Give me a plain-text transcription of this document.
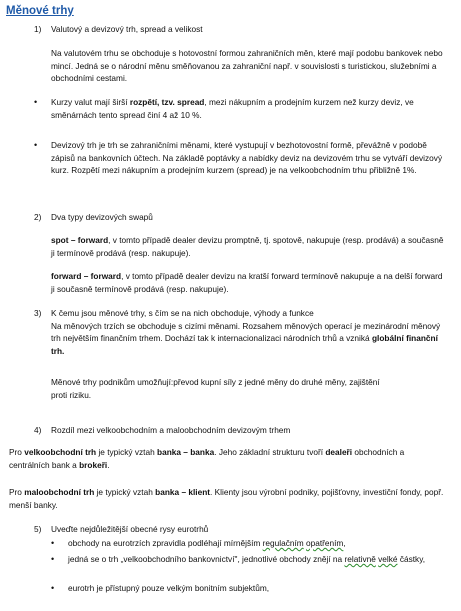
Měnové trhy
1) Valutový a devizový trh, spread a velikost

Na valutovém trhu se obchoduje s hotovostní formou zahraničních měn, které mají podobu bankovek nebo mincí. Jedná se o národní měnu směňovanou za zahraniční např. v souvislosti s turistickou, služebními a obchodními cestami.

• Kurzy valut mají širší rozpětí, tzv. spread, mezi nákupním a prodejním kurzem než kurzy deviz, ve směnárnách tento spread činí 4 až 10 %.

• Devizový trh je trh se zahraničními měnami, které vystupují v bezhotovostní formě, převážně v podobě zápisů na bankovních účtech. Na základě poptávky a nabídky deviz na devizovém trhu se vytváří devizový kurz. Rozpětí mezi nákupním a prodejním kurzem (spread) je na velkoobchodním trhu přibližně 1%.

2) Dva typy devizových swapů

spot – forward, v tomto případě dealer devizu promptně, tj. spotově, nakupuje (resp. prodává) a současně ji termínově prodává (resp. nakupuje).

forward – forward, v tomto případě dealer devizu na kratší forward termínově nakupuje a na delší forward ji současně termínově prodává (resp. nakupuje).

3) K čemu jsou měnové trhy, s čím se na nich obchoduje, výhody a funkce

Na měnových trzích se obchoduje s cizími měnami. Rozsahem měnových operací je mezinárodní měnový trh největším finančním trhem. Dochází tak k internacionalizaci národních trhů a vzniká globální finanční trh.

Měnové trhy podnikům umožňují:převod kupní síly z jedné měny do druhé měny, zajištění proti riziku.

4) Rozdíl mezi velkoobchodním a maloobchodním devizovým trhem

Pro velkoobchodní trh je typický vztah banka – banka. Jeho základní strukturu tvoří dealeři obchodních a centrálních bank a brokeři.

Pro maloobchodní trh je typický vztah banka – klient. Klienty jsou výrobní podniky, pojišťovny, investiční fondy, popř. menší banky.

5) Uveďte nejdůležitější obecné rysy eurotrhů
• obchody na eurotrzích zpravidla podléhají mírnějším regulačním opatřením,

• jedná se o trh „velkoobchodního bankovnictví", jednotlivé obchody znějí na relativně velké částky,

• eurotrh je přístupný pouze velkým bonitním subjektům,
